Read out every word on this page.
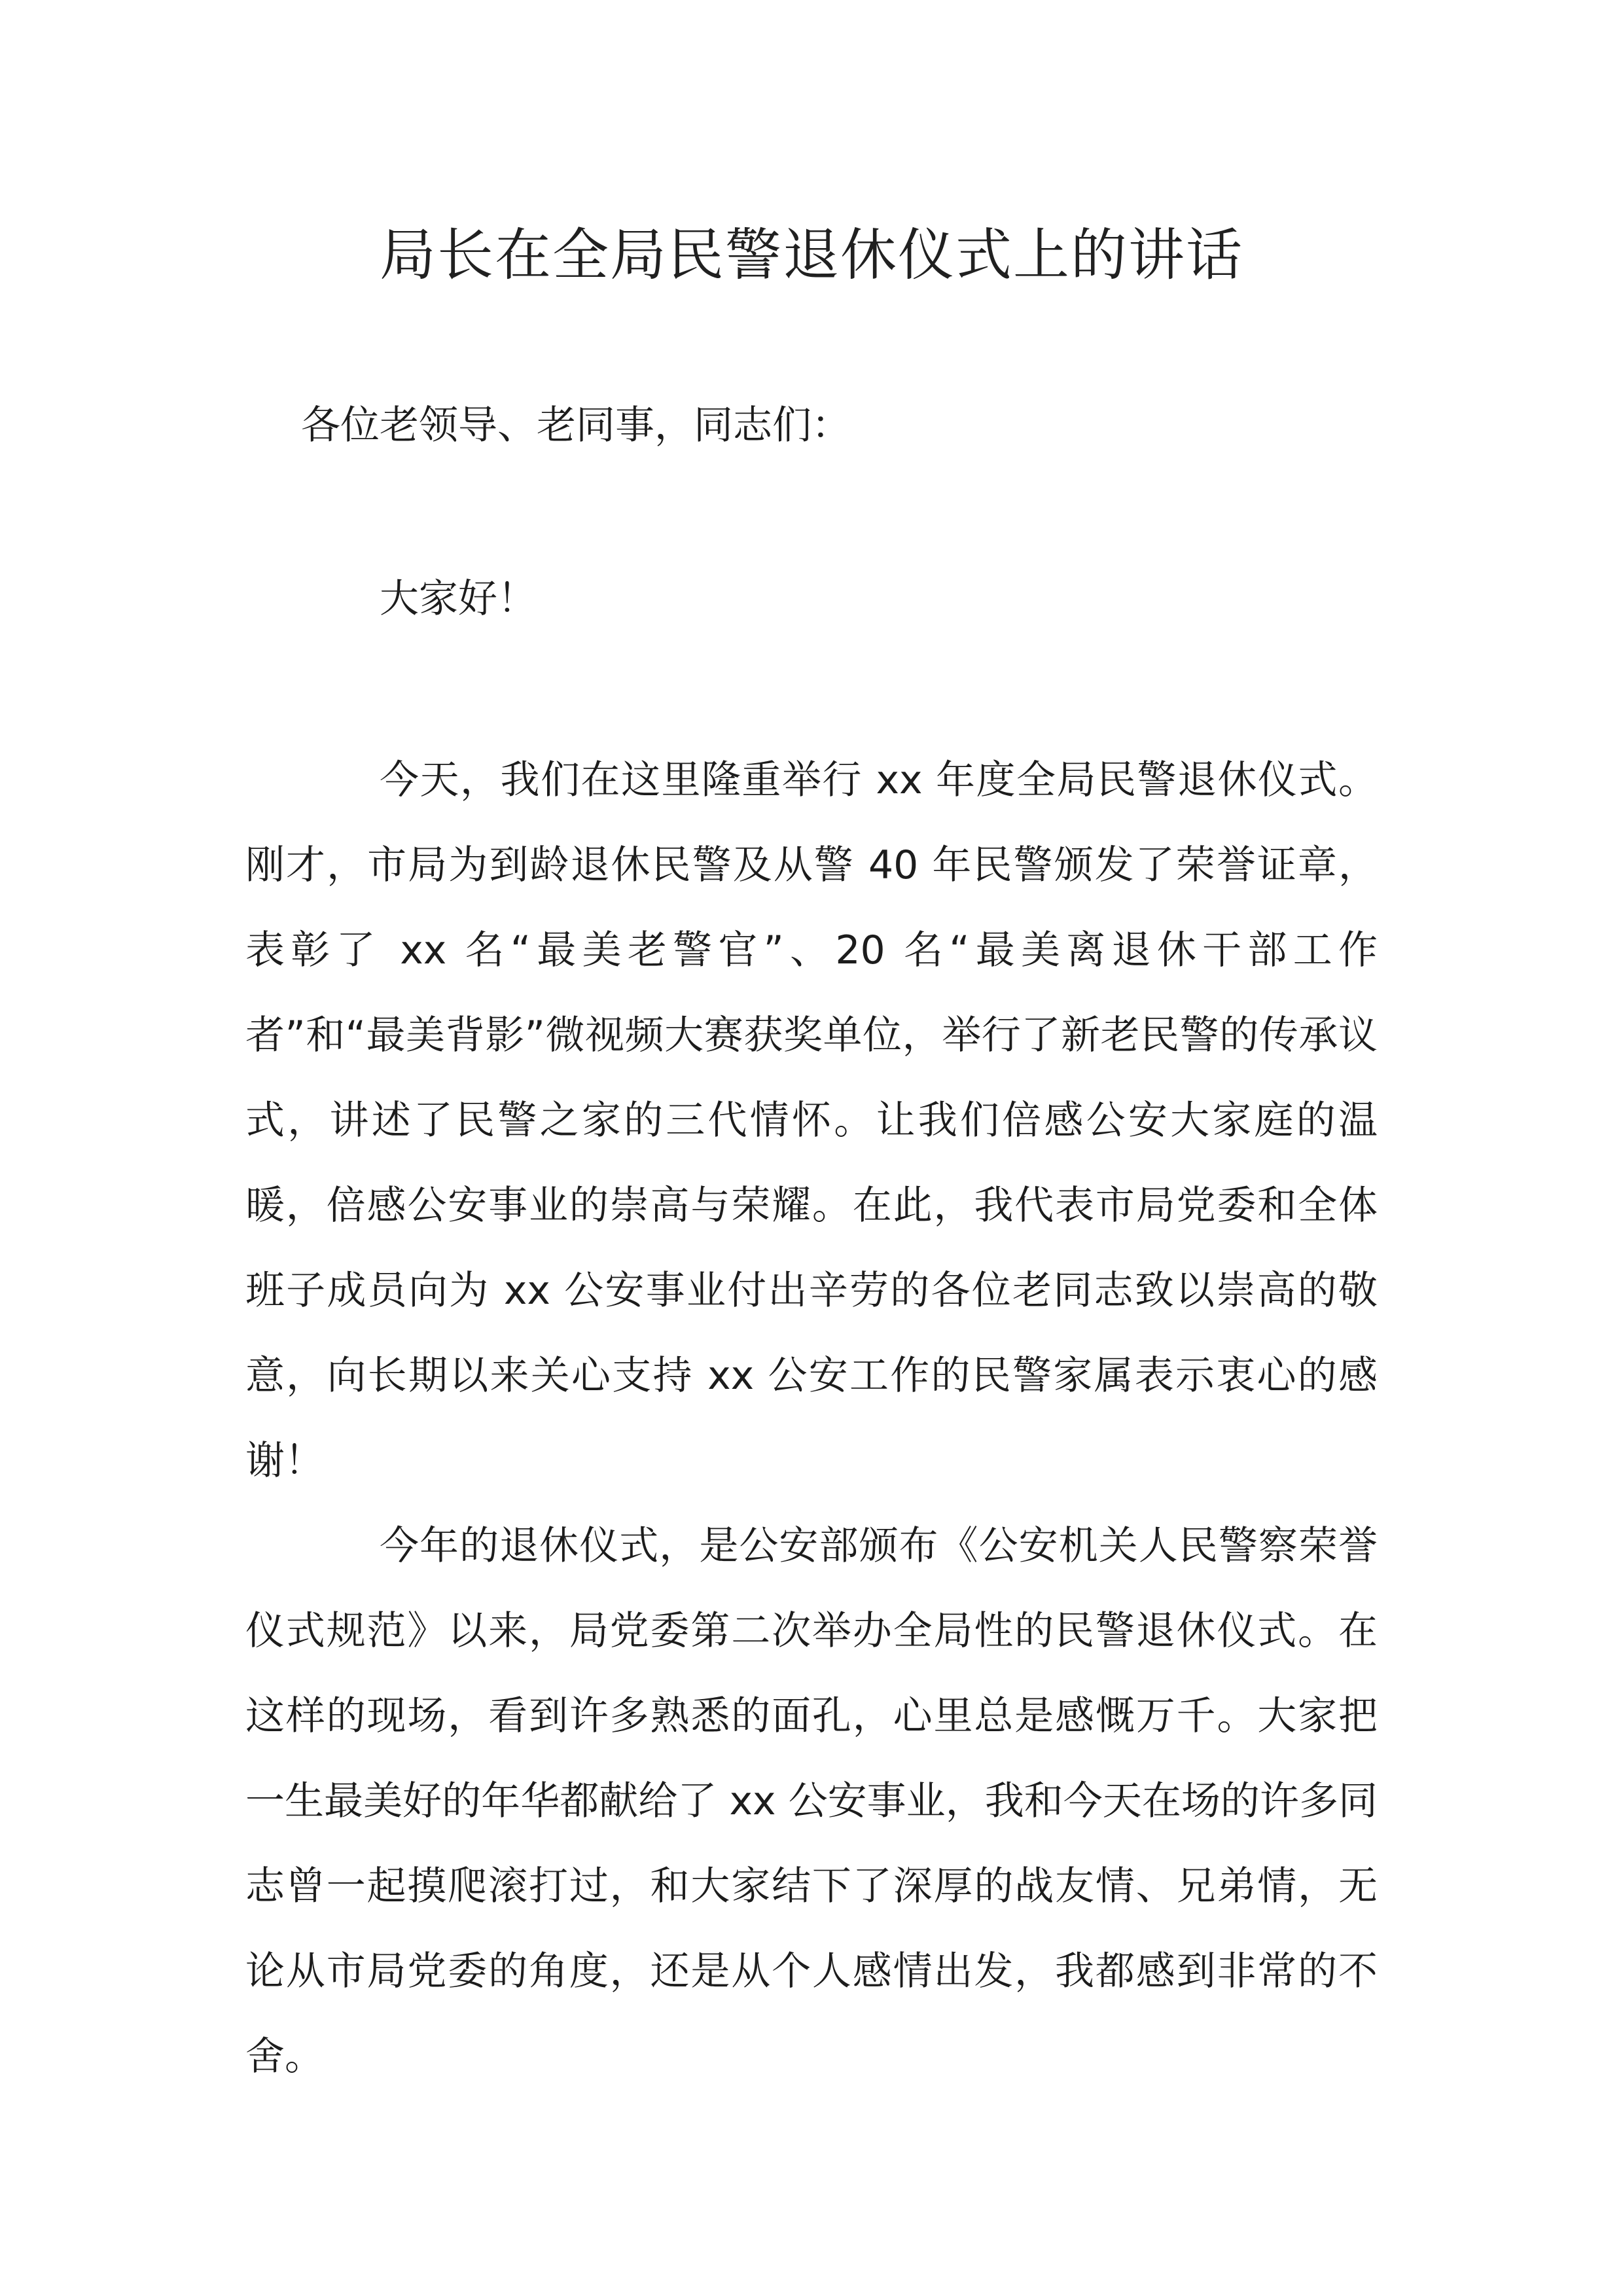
局长在全局民警退休仪式上的讲话

各位老领导、老同事，同志们：

大家好！

今天，我们在这里隆重举行 xx 年度全局民警退休仪式。刚才，市局为到龄退休民警及从警 40 年民警颁发了荣誉证章，表彰了 xx 名“最美老警官”、20 名“最美离退休干部工作者”和“最美背影”微视频大赛获奖单位，举行了新老民警的传承议式，讲述了民警之家的三代情怀。让我们倍感公安大家庭的温暖，倍感公安事业的崇高与荣耀。在此，我代表市局党委和全体班子成员向为 xx 公安事业付出辛劳的各位老同志致以崇高的敬意，向长期以来关心支持 xx 公安工作的民警家属表示衷心的感谢！

今年的退休仪式，是公安部颁布《公安机关人民警察荣誉仪式规范》以来，局党委第二次举办全局性的民警退休仪式。在这样的现场，看到许多熟悉的面孔，心里总是感慨万千。大家把一生最美好的年华都献给了 xx 公安事业，我和今天在场的许多同志曾一起摸爬滚打过，和大家结下了深厚的战友情、兄弟情，无论从市局党委的角度，还是从个人感情出发，我都感到非常的不舍。
